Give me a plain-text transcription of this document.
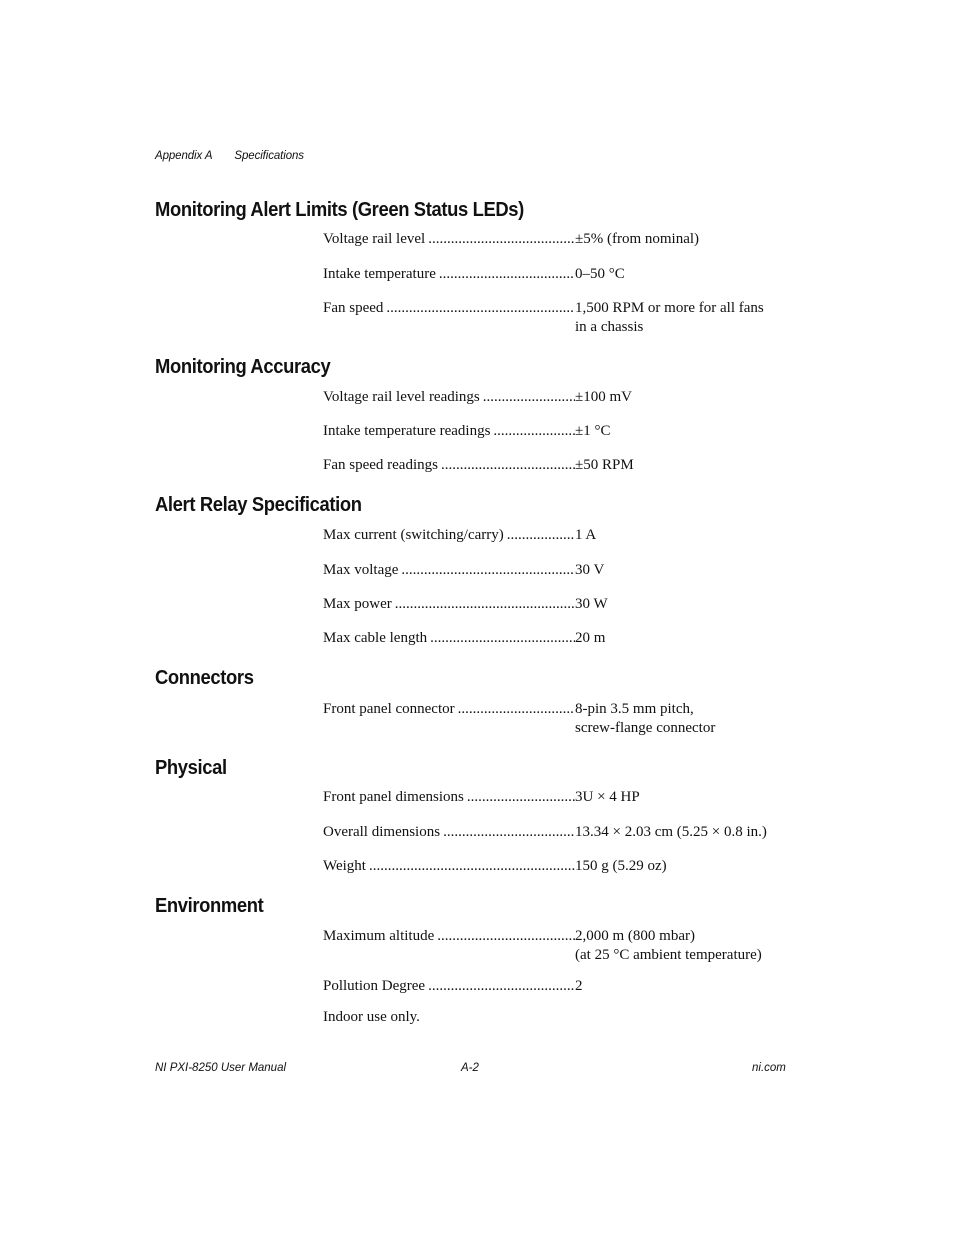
Appendix A Specifications
Monitoring Alert Limits (Green Status LEDs)
Voltage rail level .....	±5% (from nominal)
Intake temperature .....	0–50 °C
Fan speed .....	1,500 RPM or more for all fans
in a chassis
Monitoring Accuracy
Voltage rail level readings .....	±100 mV
Intake temperature readings .....	±1 °C
Fan speed readings .....	±50 RPM
Alert Relay Specification
Max current (switching/carry) .....	1 A
Max voltage .....	30 V
Max power .....	30 W
Max cable length .....	20 m
Connectors
Front panel connector .....	8-pin 3.5 mm pitch,
screw-flange connector
Physical
Front panel dimensions .....	3U × 4 HP
Overall dimensions .....	13.34 × 2.03 cm (5.25 × 0.8 in.)
Weight .....	150 g (5.29 oz)
Environment
Maximum altitude .....	2,000 m (800 mbar)
(at 25 °C ambient temperature)
Pollution Degree .....	2
Indoor use only.
NI PXI-8250 User Manual	A-2	ni.com
